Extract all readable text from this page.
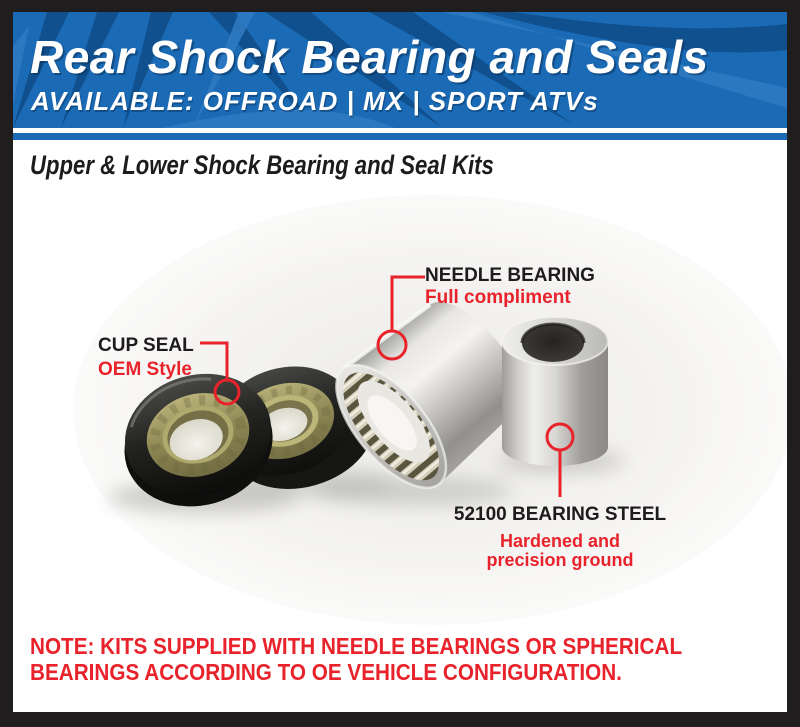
Rear Shock Bearing and Seals
AVAILABLE: OFFROAD | MX | SPORT ATVs
Upper & Lower Shock Bearing and Seal Kits
CUP SEAL
OEM Style
NEEDLE BEARING
Full compliment
52100 BEARING STEEL
Hardened and
precision ground
NOTE: KITS SUPPLIED WITH NEEDLE BEARINGS OR SPHERICAL
BEARINGS ACCORDING TO OE VEHICLE CONFIGURATION.
